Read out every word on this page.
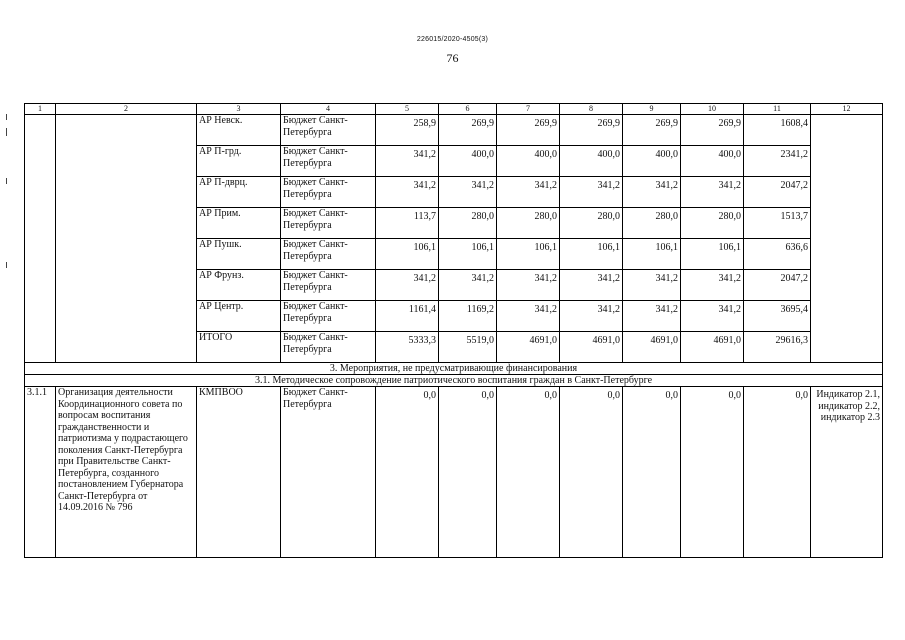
226015/2020-4505(3)
76
1	2	3	4	5	6	7	8	9	10	11	12
		АР Невск.	Бюджет Санкт-Петербурга	258,9	269,9	269,9	269,9	269,9	269,9	1608,4	
		АР П-грд.	Бюджет Санкт-Петербурга	341,2	400,0	400,0	400,0	400,0	400,0	2341,2	
		АР П-дврц.	Бюджет Санкт-Петербурга	341,2	341,2	341,2	341,2	341,2	341,2	2047,2	
		АР Прим.	Бюджет Санкт-Петербурга	113,7	280,0	280,0	280,0	280,0	280,0	1513,7	
		АР Пушк.	Бюджет Санкт-Петербурга	106,1	106,1	106,1	106,1	106,1	106,1	636,6	
		АР Фрунз.	Бюджет Санкт-Петербурга	341,2	341,2	341,2	341,2	341,2	341,2	2047,2	
		АР Центр.	Бюджет Санкт-Петербурга	1161,4	1169,2	341,2	341,2	341,2	341,2	3695,4	
		ИТОГО	Бюджет Санкт-Петербурга	5333,3	5519,0	4691,0	4691,0	4691,0	4691,0	29616,3	
3. Мероприятия, не предусматривающие финансирования											
3.1. Методическое сопровождение патриотического воспитания граждан в Санкт-Петербурге											
3.1.1	Организация деятельности Координационного совета по вопросам воспитания гражданственности и патриотизма у подрастающего поколения Санкт-Петербурга при Правительстве Санкт-Петербурга, созданного постановлением Губернатора Санкт-Петербурга от 14.09.2016 № 796	КМПВОО	Бюджет Санкт-Петербурга	0,0	0,0	0,0	0,0	0,0	0,0	0,0	Индикатор 2.1, индикатор 2.2, индикатор 2.3
